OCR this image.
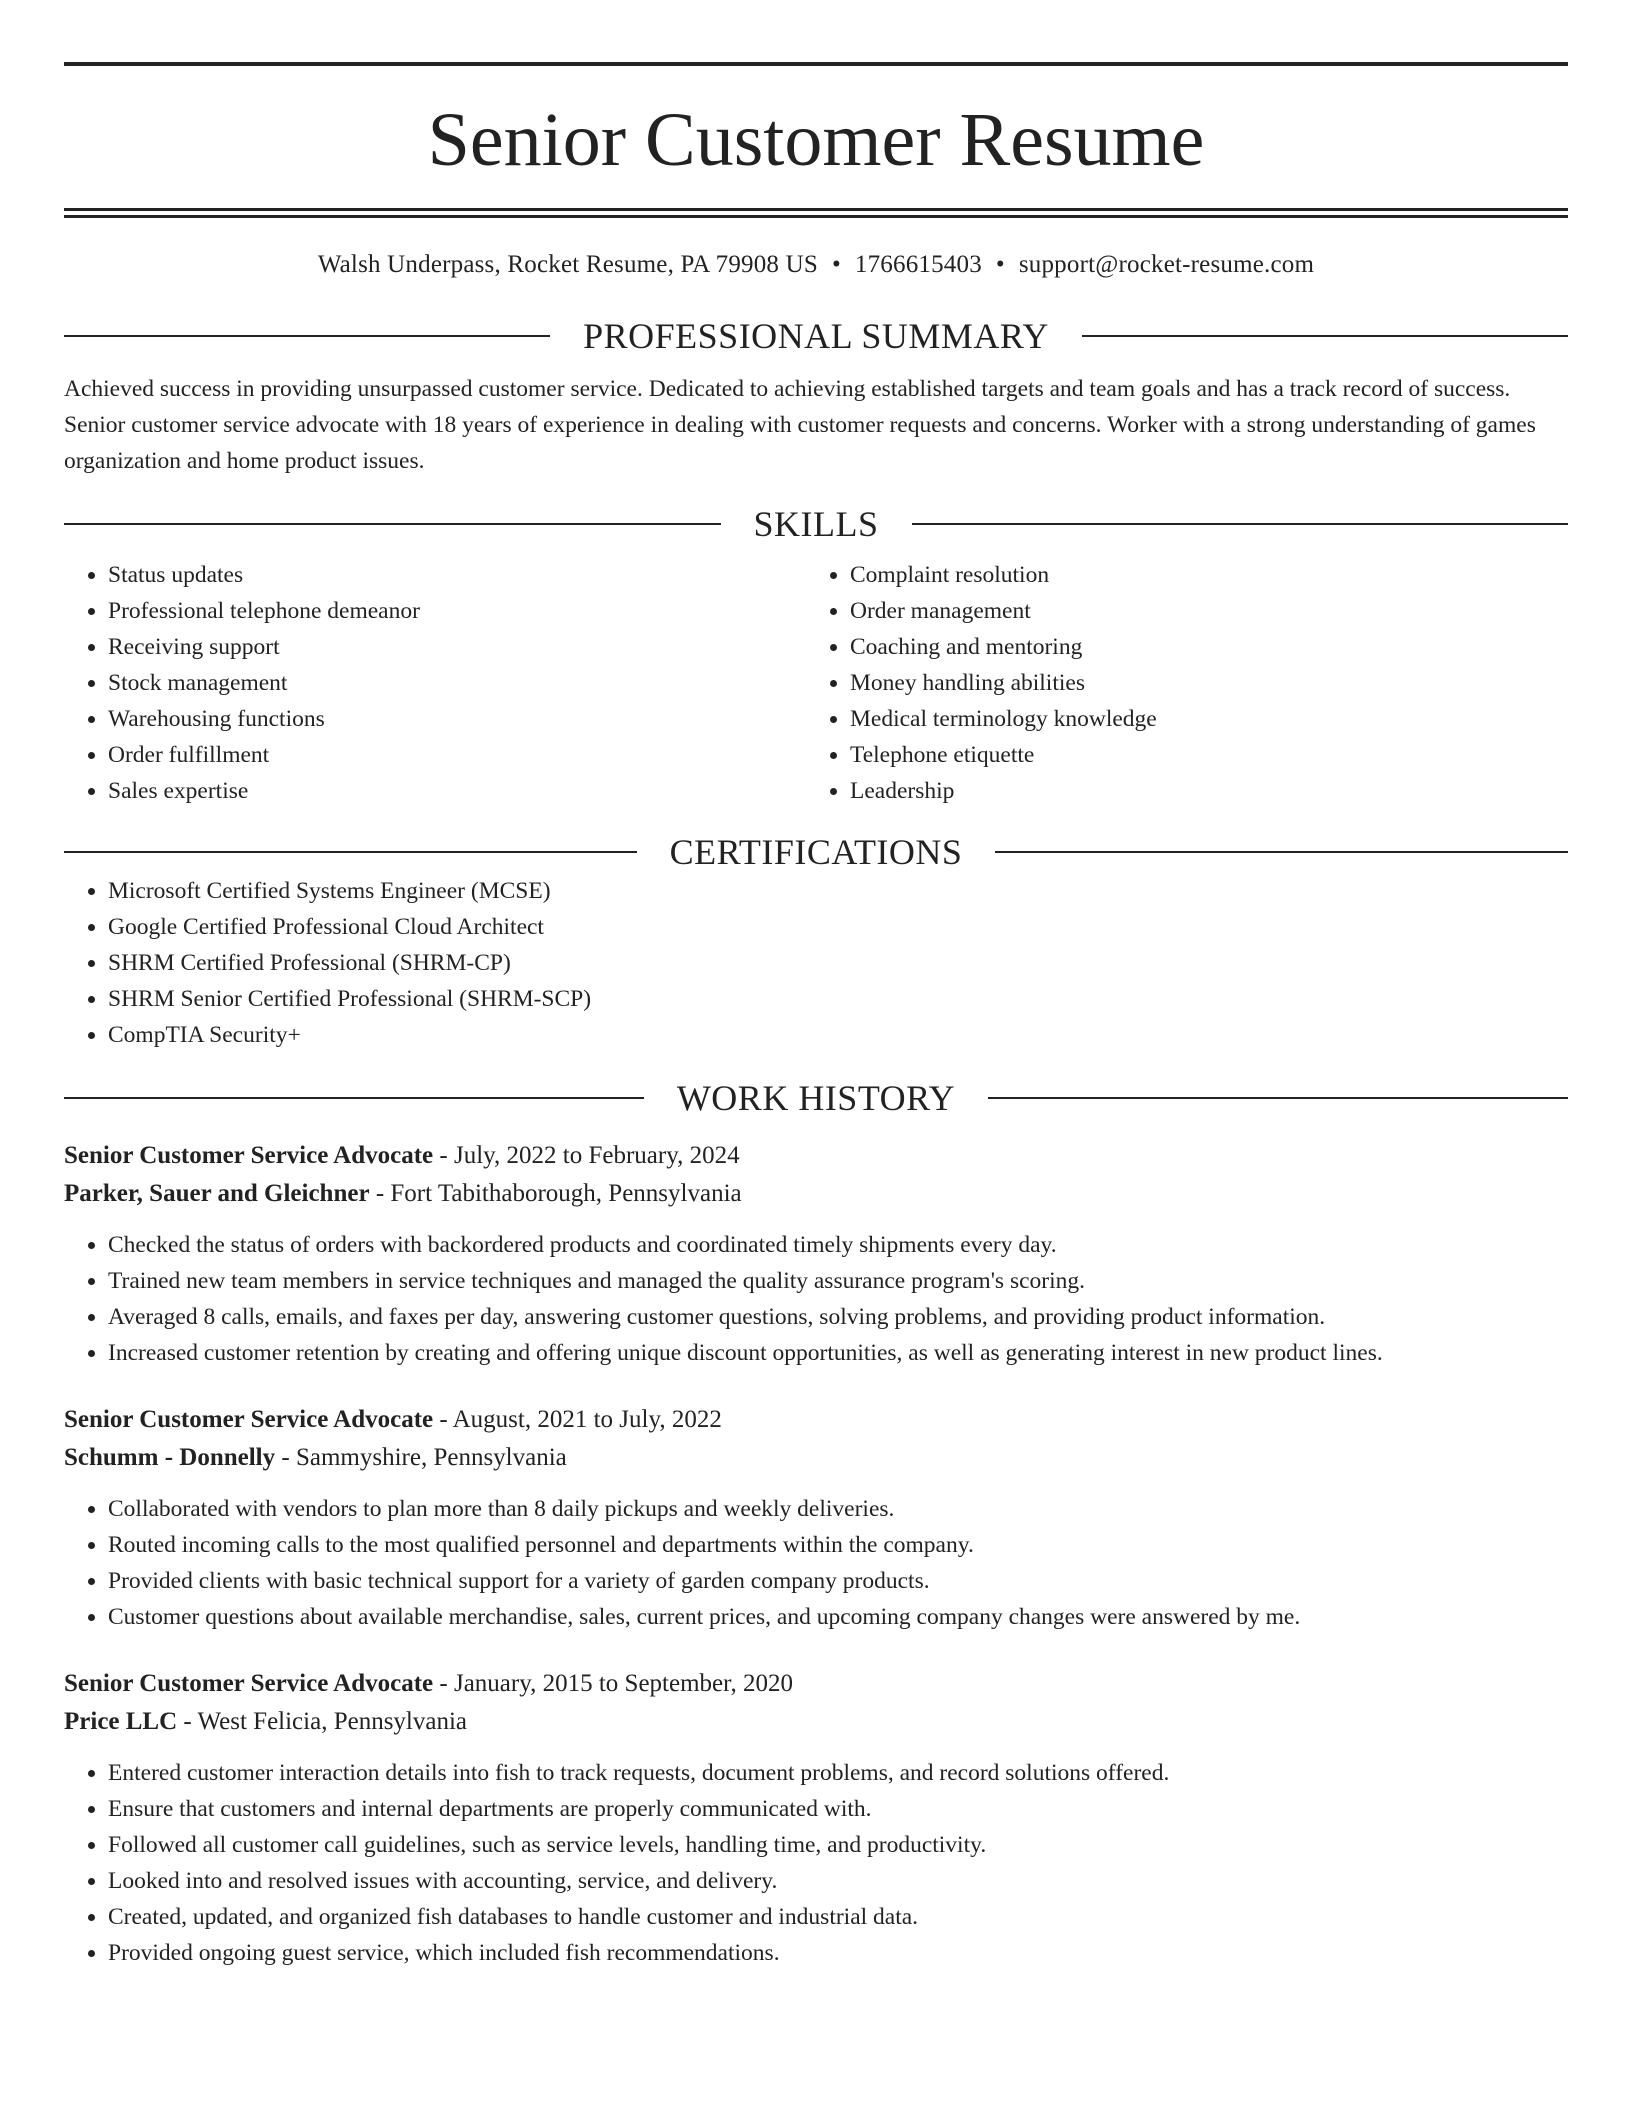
Senior Customer Resume
Walsh Underpass, Rocket Resume, PA 79908 US • 1766615403 • support@rocket-resume.com
PROFESSIONAL SUMMARY

Achieved success in providing unsurpassed customer service. Dedicated to achieving established targets and team goals and has a track record of success. Senior customer service advocate with 18 years of experience in dealing with customer requests and concerns. Worker with a strong understanding of games organization and home product issues.

SKILLS
• Status updates
• Professional telephone demeanor
• Receiving support
• Stock management
• Warehousing functions
• Order fulfillment
• Sales expertise
• Complaint resolution
• Order management
• Coaching and mentoring
• Money handling abilities
• Medical terminology knowledge
• Telephone etiquette
• Leadership
CERTIFICATIONS
• Microsoft Certified Systems Engineer (MCSE)
• Google Certified Professional Cloud Architect
• SHRM Certified Professional (SHRM-CP)
• SHRM Senior Certified Professional (SHRM-SCP)
• CompTIA Security+
WORK HISTORY
Senior Customer Service Advocate - July, 2022 to February, 2024
Parker, Sauer and Gleichner - Fort Tabithaborough, Pennsylvania
• Checked the status of orders with backordered products and coordinated timely shipments every day.
• Trained new team members in service techniques and managed the quality assurance program's scoring.
• Averaged 8 calls, emails, and faxes per day, answering customer questions, solving problems, and providing product information.
• Increased customer retention by creating and offering unique discount opportunities, as well as generating interest in new product lines.
Senior Customer Service Advocate - August, 2021 to July, 2022
Schumm - Donnelly - Sammyshire, Pennsylvania
• Collaborated with vendors to plan more than 8 daily pickups and weekly deliveries.
• Routed incoming calls to the most qualified personnel and departments within the company.
• Provided clients with basic technical support for a variety of garden company products.
• Customer questions about available merchandise, sales, current prices, and upcoming company changes were answered by me.
Senior Customer Service Advocate - January, 2015 to September, 2020
Price LLC - West Felicia, Pennsylvania
• Entered customer interaction details into fish to track requests, document problems, and record solutions offered.
• Ensure that customers and internal departments are properly communicated with.
• Followed all customer call guidelines, such as service levels, handling time, and productivity.
• Looked into and resolved issues with accounting, service, and delivery.
• Created, updated, and organized fish databases to handle customer and industrial data.
• Provided ongoing guest service, which included fish recommendations.
